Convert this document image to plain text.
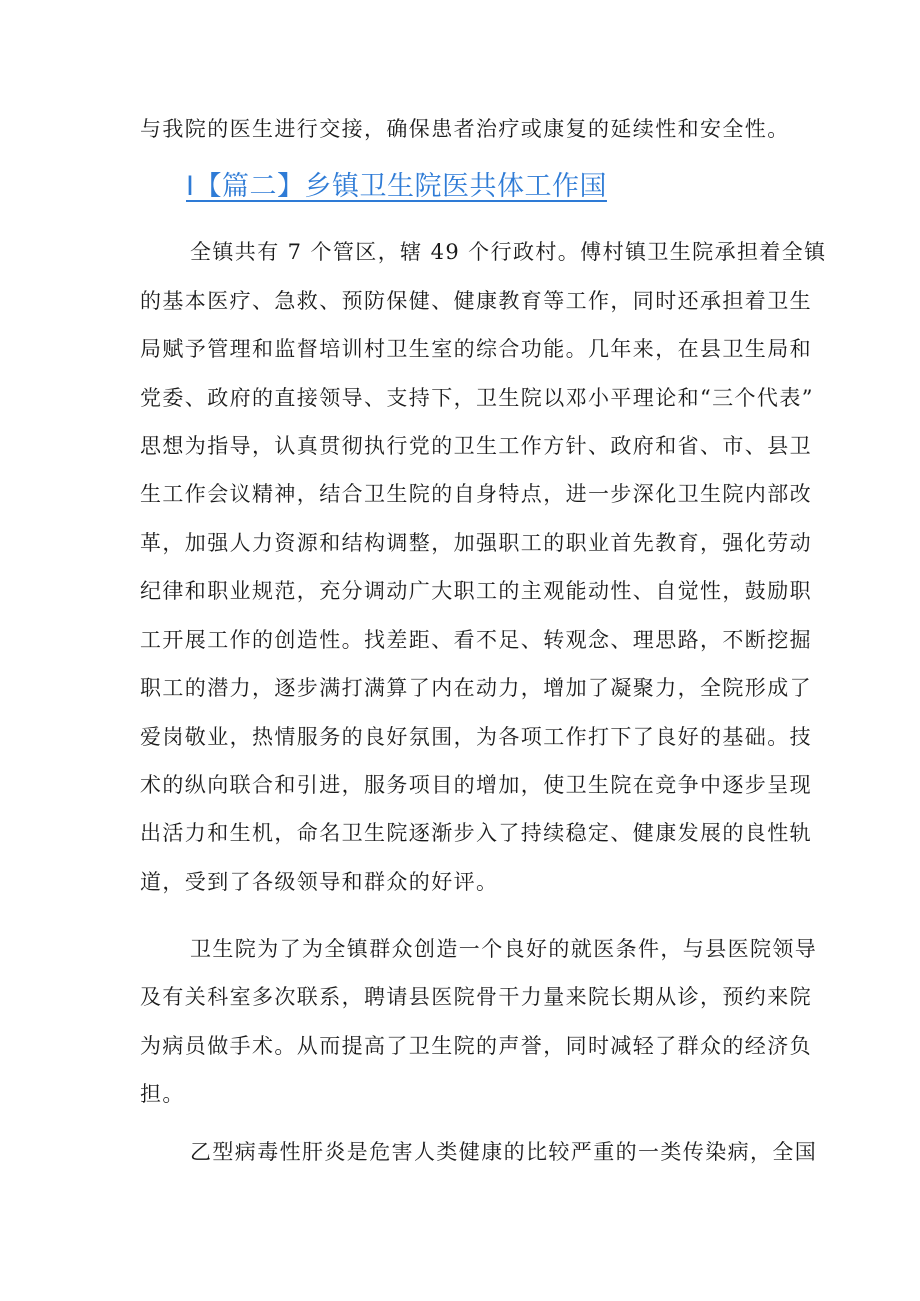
与我院的医生进行交接，确保患者治疗或康复的延续性和安全性。
I【篇二】乡镇卫生院医共体工作国
全镇共有 7 个管区，辖 49 个行政村。傅村镇卫生院承担着全镇
的基本医疗、急救、预防保健、健康教育等工作，同时还承担着卫生
局赋予管理和监督培训村卫生室的综合功能。几年来，在县卫生局和
党委、政府的直接领导、支持下，卫生院以邓小平理论和“三个代表”
思想为指导，认真贯彻执行党的卫生工作方针、政府和省、市、县卫
生工作会议精神，结合卫生院的自身特点，进一步深化卫生院内部改
革，加强人力资源和结构调整，加强职工的职业首先教育，强化劳动
纪律和职业规范，充分调动广大职工的主观能动性、自觉性，鼓励职
工开展工作的创造性。找差距、看不足、转观念、理思路，不断挖掘
职工的潜力，逐步满打满算了内在动力，增加了凝聚力，全院形成了
爱岗敬业，热情服务的良好氛围，为各项工作打下了良好的基础。技
术的纵向联合和引进，服务项目的增加，使卫生院在竞争中逐步呈现
出活力和生机，命名卫生院逐渐步入了持续稳定、健康发展的良性轨
道，受到了各级领导和群众的好评。
卫生院为了为全镇群众创造一个良好的就医条件，与县医院领导
及有关科室多次联系，聘请县医院骨干力量来院长期从诊，预约来院
为病员做手术。从而提高了卫生院的声誉，同时减轻了群众的经济负
担。
乙型病毒性肝炎是危害人类健康的比较严重的一类传染病，全国
